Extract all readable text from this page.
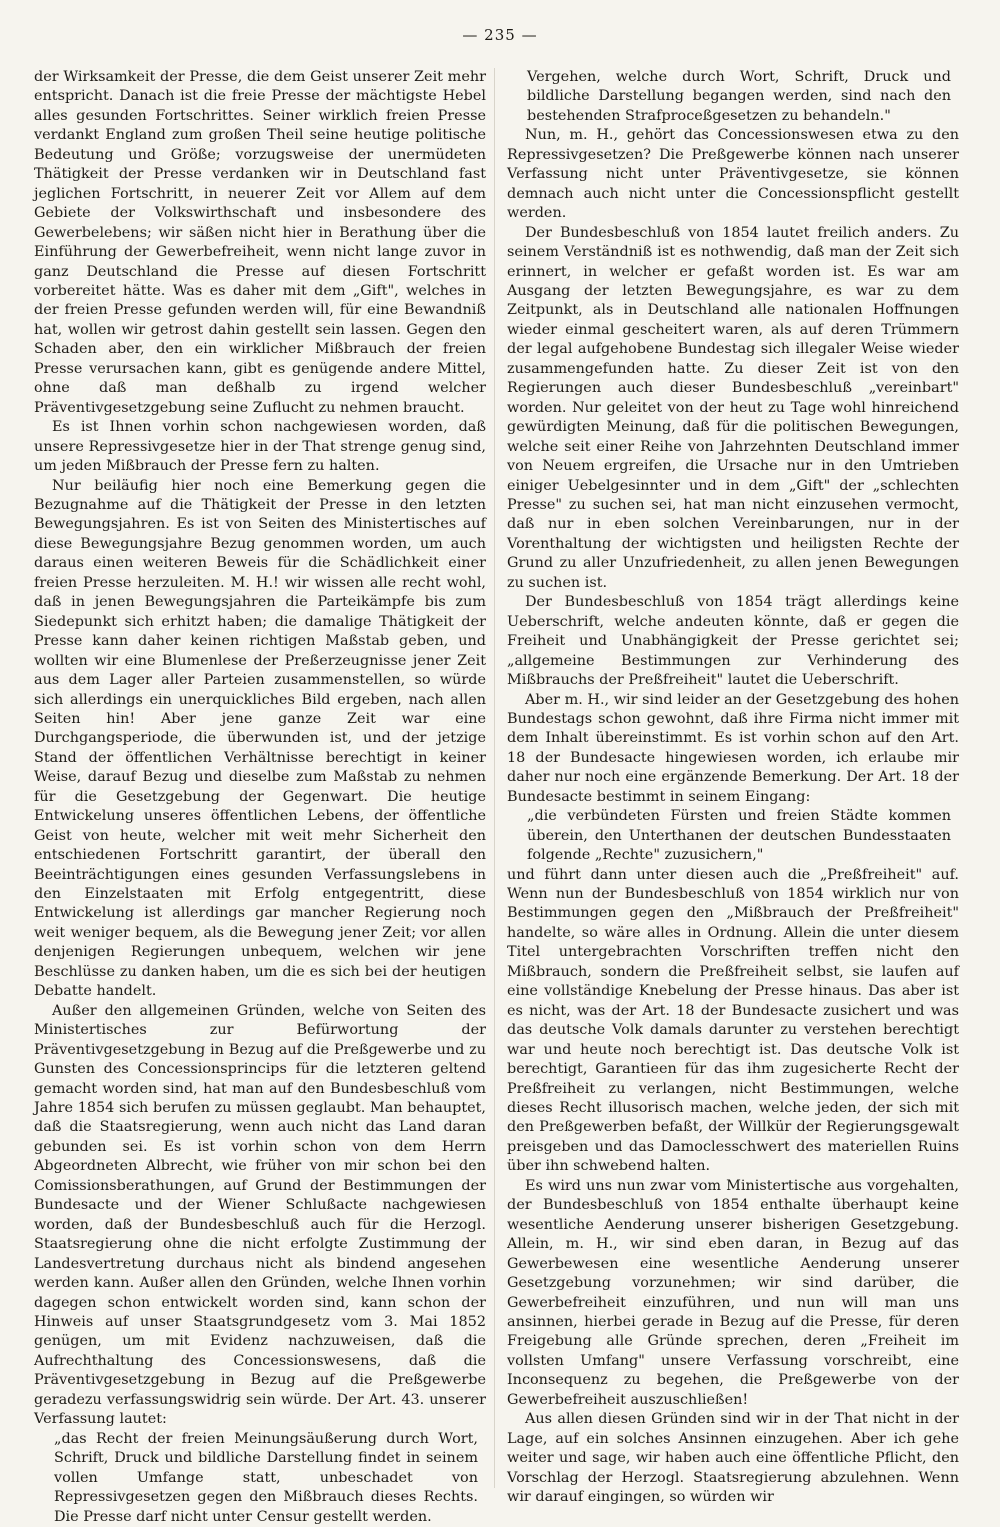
— 235 —

der Wirksamkeit der Presse, die dem Geist unserer Zeit mehr entspricht. Danach ist die freie Presse der mächtigste Hebel alles gesunden Fortschrittes. Seiner wirklich freien Presse verdankt England zum großen Theil seine heutige politische Bedeutung und Größe; vorzugsweise der unermüdeten Thätigkeit der Presse verdanken wir in Deutschland fast jeglichen Fortschritt, in neuerer Zeit vor Allem auf dem Gebiete der Volkswirthschaft und insbesondere des Gewerbelebens; wir säßen nicht hier in Berathung über die Einführung der Gewerbefreiheit, wenn nicht lange zuvor in ganz Deutschland die Presse auf diesen Fortschritt vorbereitet hätte. Was es daher mit dem „Gift", welches in der freien Presse gefunden werden will, für eine Bewandniß hat, wollen wir getrost dahin gestellt sein lassen. Gegen den Schaden aber, den ein wirklicher Mißbrauch der freien Presse verursachen kann, gibt es genügende andere Mittel, ohne daß man deßhalb zu irgend welcher Präventivgesetzgebung seine Zuflucht zu nehmen braucht.

Es ist Ihnen vorhin schon nachgewiesen worden, daß unsere Repressivgesetze hier in der That strenge genug sind, um jeden Mißbrauch der Presse fern zu halten.

Nur beiläufig hier noch eine Bemerkung gegen die Bezugnahme auf die Thätigkeit der Presse in den letzten Bewegungsjahren. Es ist von Seiten des Ministertisches auf diese Bewegungsjahre Bezug genommen worden, um auch daraus einen weiteren Beweis für die Schädlichkeit einer freien Presse herzuleiten. M. H.! wir wissen alle recht wohl, daß in jenen Bewegungsjahren die Parteikämpfe bis zum Siedepunkt sich erhitzt haben; die damalige Thätigkeit der Presse kann daher keinen richtigen Maßstab geben, und wollten wir eine Blumenlese der Preßerzeugnisse jener Zeit aus dem Lager aller Parteien zusammenstellen, so würde sich allerdings ein unerquickliches Bild ergeben, nach allen Seiten hin! Aber jene ganze Zeit war eine Durchgangsperiode, die überwunden ist, und der jetzige Stand der öffentlichen Verhältnisse berechtigt in keiner Weise, darauf Bezug und dieselbe zum Maßstab zu nehmen für die Gesetzgebung der Gegenwart. Die heutige Entwickelung unseres öffentlichen Lebens, der öffentliche Geist von heute, welcher mit weit mehr Sicherheit den entschiedenen Fortschritt garantirt, der überall den Beeinträchtigungen eines gesunden Verfassungslebens in den Einzelstaaten mit Erfolg entgegentritt, diese Entwickelung ist allerdings gar mancher Regierung noch weit weniger bequem, als die Bewegung jener Zeit; vor allen denjenigen Regierungen unbequem, welchen wir jene Beschlüsse zu danken haben, um die es sich bei der heutigen Debatte handelt.

Außer den allgemeinen Gründen, welche von Seiten des Ministertisches zur Befürwortung der Präventivgesetzgebung in Bezug auf die Preßgewerbe und zu Gunsten des Concessionsprincips für die letzteren geltend gemacht worden sind, hat man auf den Bundesbeschluß vom Jahre 1854 sich berufen zu müssen geglaubt. Man behauptet, daß die Staatsregierung, wenn auch nicht das Land daran gebunden sei. Es ist vorhin schon von dem Herrn Abgeordneten Albrecht, wie früher von mir schon bei den Comissionsberathungen, auf Grund der Bestimmungen der Bundesacte und der Wiener Schlußacte nachgewiesen worden, daß der Bundesbeschluß auch für die Herzogl. Staatsregierung ohne die nicht erfolgte Zustimmung der Landesvertretung durchaus nicht als bindend angesehen werden kann. Außer allen den Gründen, welche Ihnen vorhin dagegen schon entwickelt worden sind, kann schon der Hinweis auf unser Staatsgrundgesetz vom 3. Mai 1852 genügen, um mit Evidenz nachzuweisen, daß die Aufrechthaltung des Concessionswesens, daß die Präventivgesetzgebung in Bezug auf die Preßgewerbe geradezu verfassungswidrig sein würde. Der Art. 43. unserer Verfassung lautet:

„das Recht der freien Meinungsäußerung durch Wort, Schrift, Druck und bildliche Darstellung findet in seinem vollen Umfange statt, unbeschadet von Repressivgesetzen gegen den Mißbrauch dieses Rechts. Die Presse darf nicht unter Censur gestellt werden.

Vergehen, welche durch Wort, Schrift, Druck und bildliche Darstellung begangen werden, sind nach den bestehenden Strafproceßgesetzen zu behandeln."

Nun, m. H., gehört das Concessionswesen etwa zu den Repressivgesetzen? Die Preßgewerbe können nach unserer Verfassung nicht unter Präventivgesetze, sie können demnach auch nicht unter die Concessionspflicht gestellt werden.

Der Bundesbeschluß von 1854 lautet freilich anders. Zu seinem Verständniß ist es nothwendig, daß man der Zeit sich erinnert, in welcher er gefaßt worden ist. Es war am Ausgang der letzten Bewegungsjahre, es war zu dem Zeitpunkt, als in Deutschland alle nationalen Hoffnungen wieder einmal gescheitert waren, als auf deren Trümmern der legal aufgehobene Bundestag sich illegaler Weise wieder zusammengefunden hatte. Zu dieser Zeit ist von den Regierungen auch dieser Bundesbeschluß „vereinbart" worden. Nur geleitet von der heut zu Tage wohl hinreichend gewürdigten Meinung, daß für die politischen Bewegungen, welche seit einer Reihe von Jahrzehnten Deutschland immer von Neuem ergreifen, die Ursache nur in den Umtrieben einiger Uebelgesinnter und in dem „Gift" der „schlechten Presse" zu suchen sei, hat man nicht einzusehen vermocht, daß nur in eben solchen Vereinbarungen, nur in der Vorenthaltung der wichtigsten und heiligsten Rechte der Grund zu aller Unzufriedenheit, zu allen jenen Bewegungen zu suchen ist.

Der Bundesbeschluß von 1854 trägt allerdings keine Ueberschrift, welche andeuten könnte, daß er gegen die Freiheit und Unabhängigkeit der Presse gerichtet sei; „allgemeine Bestimmungen zur Verhinderung des Mißbrauchs der Preßfreiheit" lautet die Ueberschrift.

Aber m. H., wir sind leider an der Gesetzgebung des hohen Bundestags schon gewohnt, daß ihre Firma nicht immer mit dem Inhalt übereinstimmt. Es ist vorhin schon auf den Art. 18 der Bundesacte hingewiesen worden, ich erlaube mir daher nur noch eine ergänzende Bemerkung. Der Art. 18 der Bundesacte bestimmt in seinem Eingang:

„die verbündeten Fürsten und freien Städte kommen überein, den Unterthanen der deutschen Bundesstaaten folgende „Rechte" zuzusichern,"

und führt dann unter diesen auch die „Preßfreiheit" auf. Wenn nun der Bundesbeschluß von 1854 wirklich nur von Bestimmungen gegen den „Mißbrauch der Preßfreiheit" handelte, so wäre alles in Ordnung. Allein die unter diesem Titel untergebrachten Vorschriften treffen nicht den Mißbrauch, sondern die Preßfreiheit selbst, sie laufen auf eine vollständige Knebelung der Presse hinaus. Das aber ist es nicht, was der Art. 18 der Bundesacte zusichert und was das deutsche Volk damals darunter zu verstehen berechtigt war und heute noch berechtigt ist. Das deutsche Volk ist berechtigt, Garantieen für das ihm zugesicherte Recht der Preßfreiheit zu verlangen, nicht Bestimmungen, welche dieses Recht illusorisch machen, welche jeden, der sich mit den Preßgewerben befaßt, der Willkür der Regierungsgewalt preisgeben und das Damoclesschwert des materiellen Ruins über ihn schwebend halten.

Es wird uns nun zwar vom Ministertische aus vorgehalten, der Bundesbeschluß von 1854 enthalte überhaupt keine wesentliche Aenderung unserer bisherigen Gesetzgebung. Allein, m. H., wir sind eben daran, in Bezug auf das Gewerbewesen eine wesentliche Aenderung unserer Gesetzgebung vorzunehmen; wir sind darüber, die Gewerbefreiheit einzuführen, und nun will man uns ansinnen, hierbei gerade in Bezug auf die Presse, für deren Freigebung alle Gründe sprechen, deren „Freiheit im vollsten Umfang" unsere Verfassung vorschreibt, eine Inconsequenz zu begehen, die Preßgewerbe von der Gewerbefreiheit auszuschließen!

Aus allen diesen Gründen sind wir in der That nicht in der Lage, auf ein solches Ansinnen einzugehen. Aber ich gehe weiter und sage, wir haben auch eine öffentliche Pflicht, den Vorschlag der Herzogl. Staatsregierung abzulehnen. Wenn wir darauf eingingen, so würden wir
